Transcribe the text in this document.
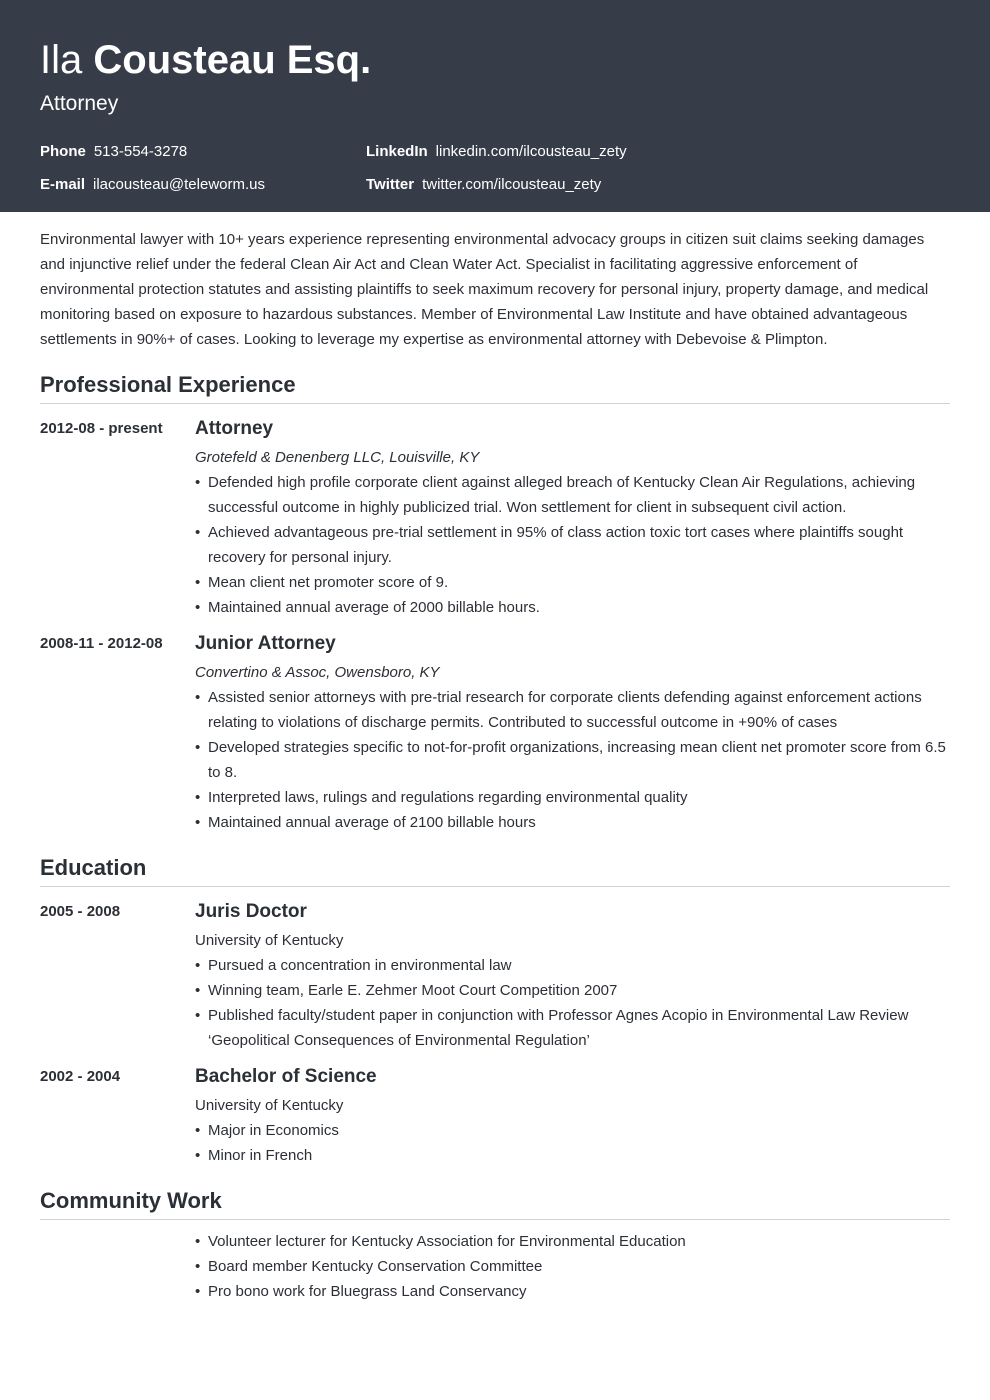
Ila Cousteau Esq.
Attorney
Phone 513-554-3278
E-mail ilacousteau@teleworm.us
LinkedIn linkedin.com/ilcousteau_zety
Twitter twitter.com/ilcousteau_zety
Environmental lawyer with 10+ years experience representing environmental advocacy groups in citizen suit claims seeking damages and injunctive relief under the federal Clean Air Act and Clean Water Act. Specialist in facilitating aggressive enforcement of environmental protection statutes and assisting plaintiffs to seek maximum recovery for personal injury, property damage, and medical monitoring based on exposure to hazardous substances. Member of Environmental Law Institute and have obtained advantageous settlements in 90%+ of cases. Looking to leverage my expertise as environmental attorney with Debevoise & Plimpton.
Professional Experience
2012-08 - present Attorney
Grotefeld & Denenberg LLC, Louisville, KY
• Defended high profile corporate client against alleged breach of Kentucky Clean Air Regulations, achieving successful outcome in highly publicized trial. Won settlement for client in subsequent civil action.
• Achieved advantageous pre-trial settlement in 95% of class action toxic tort cases where plaintiffs sought recovery for personal injury.
• Mean client net promoter score of 9.
• Maintained annual average of 2000 billable hours.
2008-11 - 2012-08 Junior Attorney
Convertino & Assoc, Owensboro, KY
• Assisted senior attorneys with pre-trial research for corporate clients defending against enforcement actions relating to violations of discharge permits. Contributed to successful outcome in +90% of cases
• Developed strategies specific to not-for-profit organizations, increasing mean client net promoter score from 6.5 to 8.
• Interpreted laws, rulings and regulations regarding environmental quality
• Maintained annual average of 2100 billable hours
Education
2005 - 2008	Juris Doctor
University of Kentucky
• Pursued a concentration in environmental law
• Winning team, Earle E. Zehmer Moot Court Competition 2007
• Published faculty/student paper in conjunction with Professor Agnes Acopio in Environmental Law Review ‘Geopolitical Consequences of Environmental Regulation’
2002 - 2004	Bachelor of Science
University of Kentucky
• Major in Economics
• Minor in French
Community Work
• Volunteer lecturer for Kentucky Association for Environmental Education
• Board member Kentucky Conservation Committee
• Pro bono work for Bluegrass Land Conservancy
